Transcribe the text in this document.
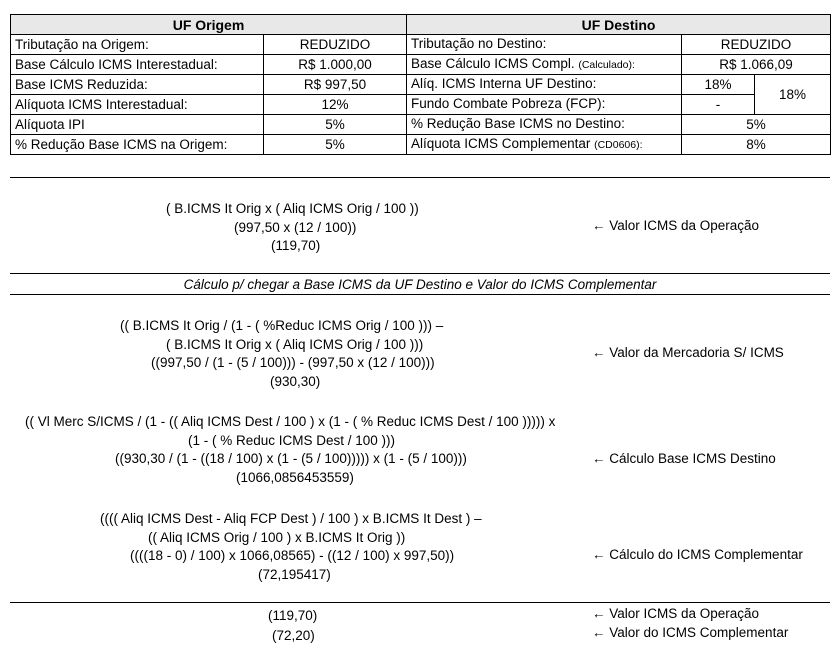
UF Origem		UF Destino		
Tributação na Origem:	REDUZIDO	Tributação no Destino:	REDUZIDO	
Base Cálculo ICMS Interestadual:	R$ 1.000,00	Base Cálculo ICMS Compl. (Calculado):	R$ 1.066,09	
Base ICMS Reduzida:	R$ 997,50	Alíq. ICMS Interna UF Destino:	18%	18%
Alíquota ICMS Interestadual:	12%	Fundo Combate Pobreza (FCP):	-	
Alíquota IPI	5%	% Redução Base ICMS no Destino:	5%	
% Redução Base ICMS na Origem:	5%	Alíquota ICMS Complementar (CD0606):	8%	
( B.ICMS It Orig x ( Aliq ICMS Orig / 100 ))
(997,50 x (12 / 100))
(119,70)
← Valor ICMS da Operação
Cálculo p/ chegar a Base ICMS da UF Destino e Valor do ICMS Complementar
(( B.ICMS It Orig / (1 - ( %Reduc ICMS Orig / 100 ))) –
( B.ICMS It Orig x ( Aliq ICMS Orig / 100 )))
((997,50 / (1 - (5 / 100))) - (997,50 x (12 / 100)))
(930,30)
← Valor da Mercadoria S/ ICMS
(( Vl Merc S/ICMS / (1 - (( Aliq ICMS Dest / 100 ) x (1 - ( % Reduc ICMS Dest / 100 ))))) x
(1 - ( % Reduc ICMS Dest / 100 )))
((930,30 / (1 - ((18 / 100) x (1 - (5 / 100))))) x (1 - (5 / 100)))
(1066,0856453559)
← Cálculo Base ICMS Destino
(((( Aliq ICMS Dest - Aliq FCP Dest ) / 100 ) x B.ICMS It Dest ) –
(( Aliq ICMS Orig / 100 ) x B.ICMS It Orig ))
((((18 - 0) / 100) x 1066,08565) - ((12 / 100) x 997,50))
(72,195417)
← Cálculo do ICMS Complementar
(119,70)
(72,20)
← Valor ICMS da Operação
← Valor do ICMS Complementar
